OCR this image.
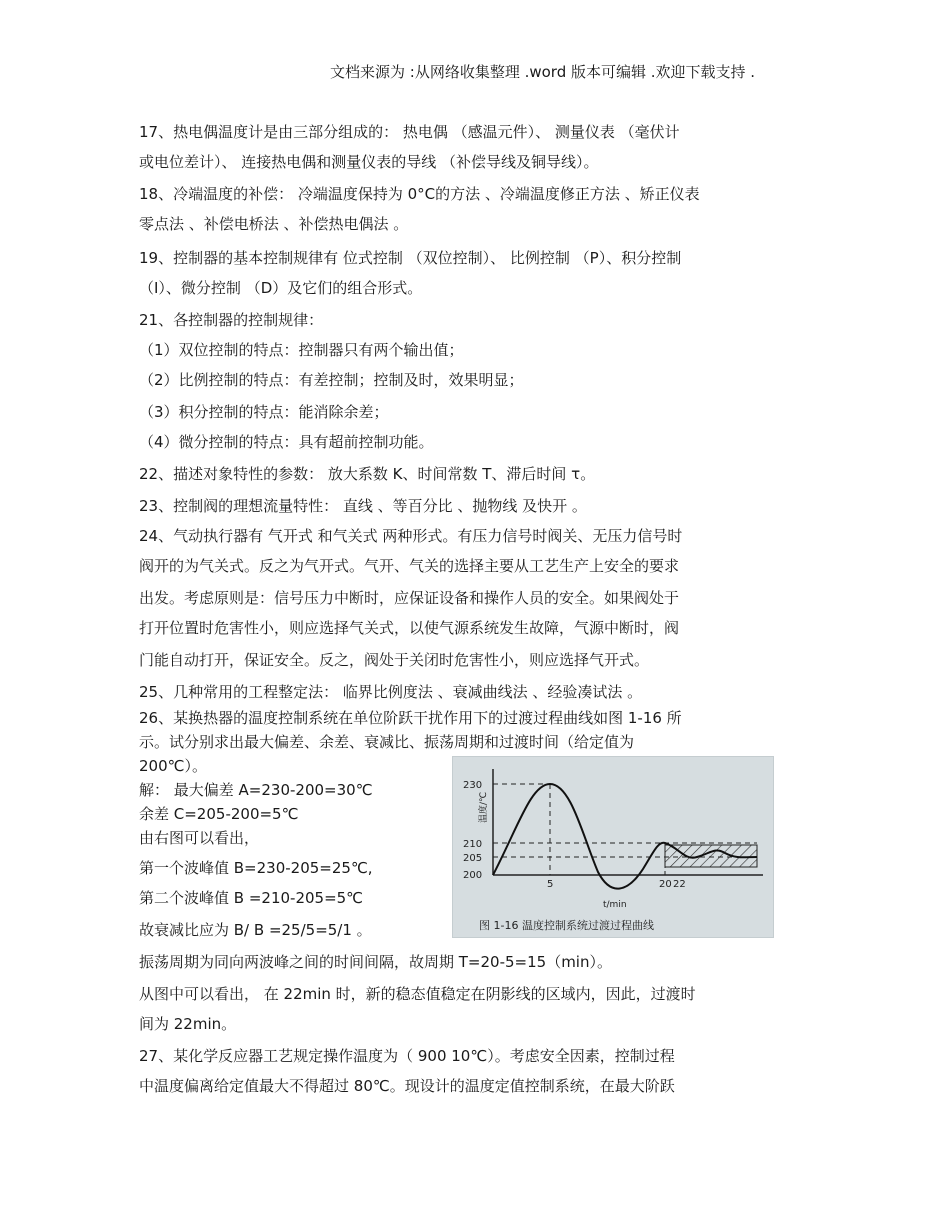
文档来源为 :从网络收集整理 .word 版本可编辑 .欢迎下载支持 .
17、热电偶温度计是由三部分组成的： 热电偶 （感温元件）、 测量仪表 （毫伏计
或电位差计）、 连接热电偶和测量仪表的导线 （补偿导线及铜导线）。
18、冷端温度的补偿： 冷端温度保持为 0°C的方法 、冷端温度修正方法 、矫正仪表
零点法 、补偿电桥法 、补偿热电偶法 。
19、控制器的基本控制规律有 位式控制 （双位控制）、 比例控制 （P）、积分控制
（I）、微分控制 （D）及它们的组合形式。
21、各控制器的控制规律：
（1）双位控制的特点：控制器只有两个输出值；
（2）比例控制的特点：有差控制；控制及时，效果明显；
（3）积分控制的特点：能消除余差；
（4）微分控制的特点：具有超前控制功能。
22、描述对象特性的参数： 放大系数 K、时间常数 T、滞后时间 τ。
23、控制阀的理想流量特性： 直线 、等百分比 、抛物线 及快开 。
24、气动执行器有 气开式 和气关式 两种形式。有压力信号时阀关、无压力信号时
阀开的为气关式。反之为气开式。气开、气关的选择主要从工艺生产上安全的要求
出发。考虑原则是：信号压力中断时，应保证设备和操作人员的安全。如果阀处于
打开位置时危害性小，则应选择气关式，以使气源系统发生故障，气源中断时，阀
门能自动打开，保证安全。反之，阀处于关闭时危害性小，则应选择气开式。
25、几种常用的工程整定法： 临界比例度法 、衰减曲线法 、经验凑试法 。
26、某换热器的温度控制系统在单位阶跃干扰作用下的过渡过程曲线如图 1-16 所
示。试分别求出最大偏差、余差、衰减比、振荡周期和过渡时间（给定值为
200℃）。
解： 最大偏差 A=230-200=30℃
余差 C=205-200=5℃
由右图可以看出，
第一个波峰值 B=230-205=25℃,
第二个波峰值 B =210-205=5℃
故衰减比应为 B/ B =25/5=5/1 。
振荡周期为同向两波峰之间的时间间隔，故周期 T=20-5=15（min）。
从图中可以看出， 在 22min 时，新的稳态值稳定在阴影线的区域内，因此，过渡时
间为 22min。
27、某化学反应器工艺规定操作温度为（ 900 10℃）。考虑安全因素，控制过程
中温度偏离给定值最大不得超过 80℃。现设计的温度定值控制系统，在最大阶跃
230
210
205
200
温度/℃
5	20 22
t/min
图 1-16 温度控制系统过渡过程曲线
